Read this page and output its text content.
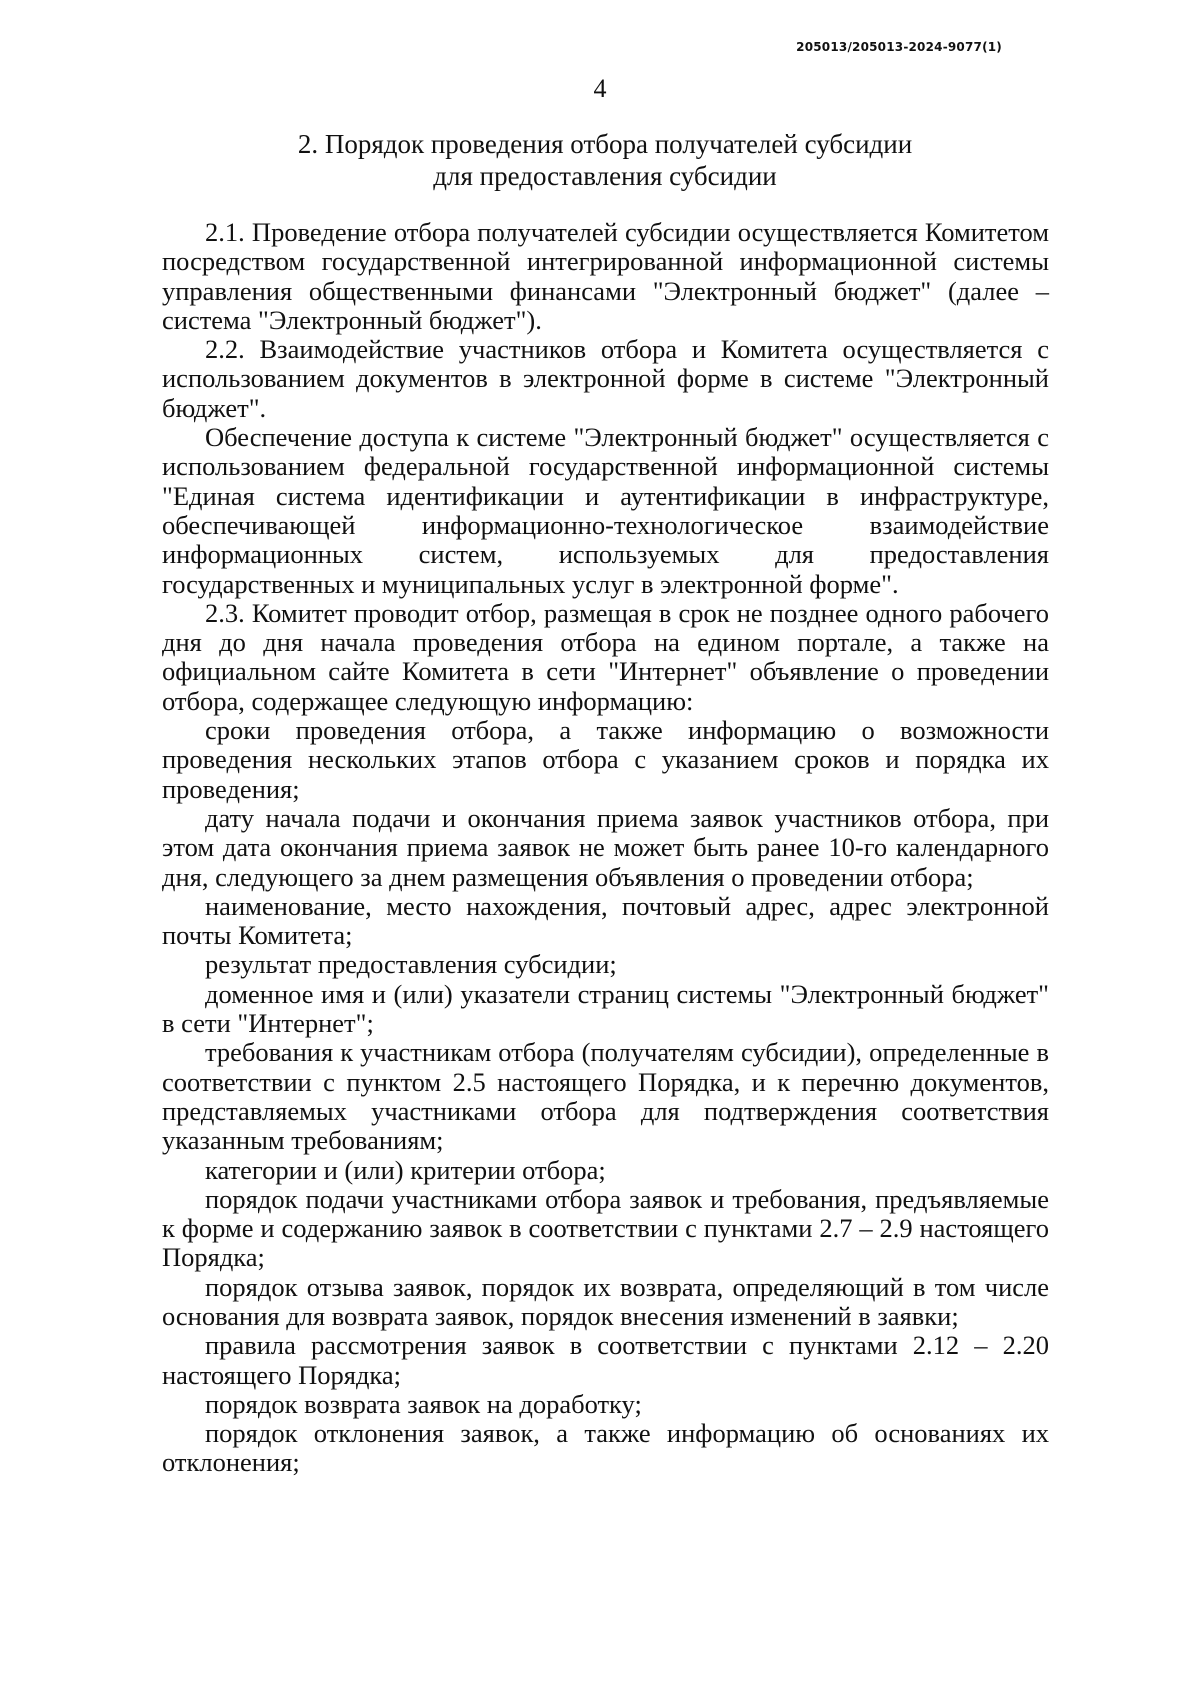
205013/205013-2024-9077(1)
4
2. Порядок проведения отбора получателей субсидии
для предоставления субсидии

2.1. Проведение отбора получателей субсидии осуществляется Комитетом посредством государственной интегрированной информационной системы управления общественными финансами "Электронный бюджет" (далее – система "Электронный бюджет").

2.2. Взаимодействие участников отбора и Комитета осуществляется с использованием документов в электронной форме в системе "Электронный бюджет".

Обеспечение доступа к системе "Электронный бюджет" осуществляется с использованием федеральной государственной информационной системы "Единая система идентификации и аутентификации в инфраструктуре, обеспечивающей информационно-технологическое взаимодействие информационных систем, используемых для предоставления государственных и муниципальных услуг в электронной форме".

2.3. Комитет проводит отбор, размещая в срок не позднее одного рабочего дня до дня начала проведения отбора на едином портале, а также на официальном сайте Комитета в сети "Интернет" объявление о проведении отбора, содержащее следующую информацию:

сроки проведения отбора, а также информацию о возможности проведения нескольких этапов отбора с указанием сроков и порядка их проведения;

дату начала подачи и окончания приема заявок участников отбора, при этом дата окончания приема заявок не может быть ранее 10-го календарного дня, следующего за днем размещения объявления о проведении отбора;

наименование, место нахождения, почтовый адрес, адрес электронной почты Комитета;

результат предоставления субсидии;

доменное имя и (или) указатели страниц системы "Электронный бюджет" в сети "Интернет";

требования к участникам отбора (получателям субсидии), определенные в соответствии с пунктом 2.5 настоящего Порядка, и к перечню документов, представляемых участниками отбора для подтверждения соответствия указанным требованиям;

категории и (или) критерии отбора;

порядок подачи участниками отбора заявок и требования, предъявляемые к форме и содержанию заявок в соответствии с пунктами 2.7 – 2.9 настоящего Порядка;

порядок отзыва заявок, порядок их возврата, определяющий в том числе основания для возврата заявок, порядок внесения изменений в заявки;

правила рассмотрения заявок в соответствии с пунктами 2.12 – 2.20 настоящего Порядка;

порядок возврата заявок на доработку;

порядок отклонения заявок, а также информацию об основаниях их отклонения;
